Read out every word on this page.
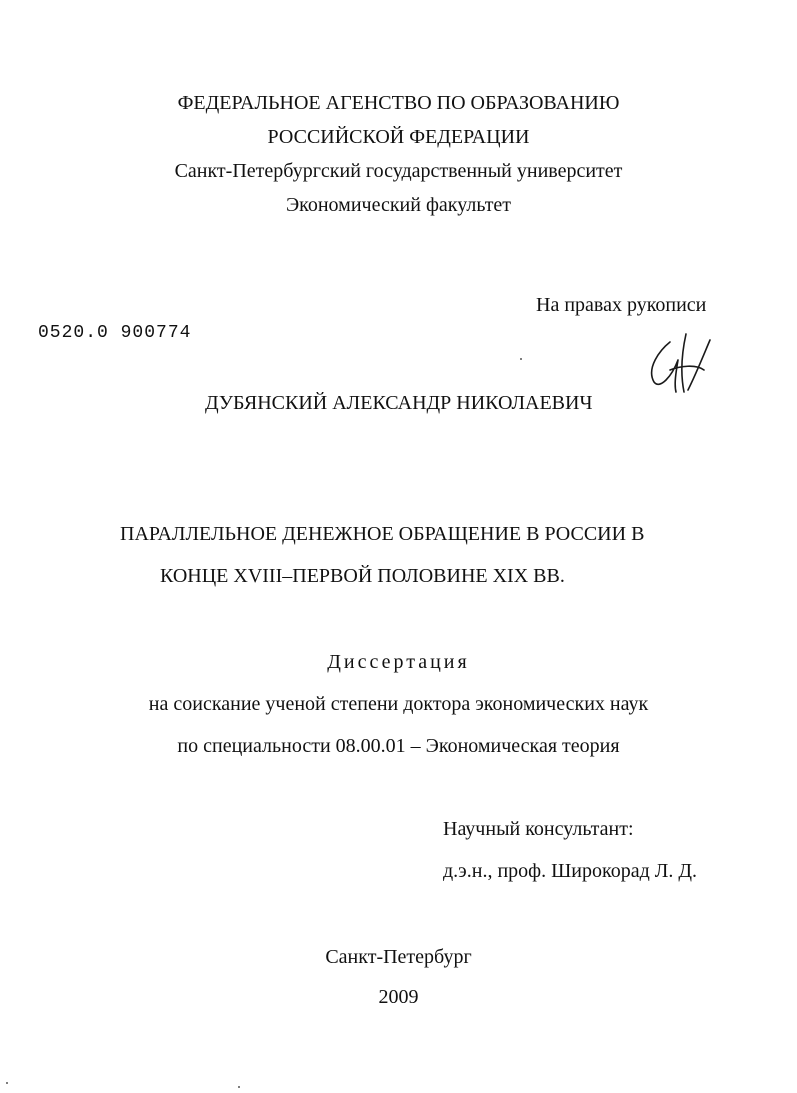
ФЕДЕРАЛЬНОЕ АГЕНСТВО ПО ОБРАЗОВАНИЮ
РОССИЙСКОЙ ФЕДЕРАЦИИ
Санкт-Петербургский государственный университет
Экономический факультет
На правах рукописи
0520.0 900774
ДУБЯНСКИЙ АЛЕКСАНДР НИКОЛАЕВИЧ
ПАРАЛЛЕЛЬНОЕ ДЕНЕЖНОЕ ОБРАЩЕНИЕ В РОССИИ В
КОНЦЕ XVIII–ПЕРВОЙ ПОЛОВИНЕ XIX ВВ.
Диссертация
на соискание ученой степени доктора экономических наук
по специальности 08.00.01 – Экономическая теория
Научный консультант:
д.э.н., проф. Широкорад Л. Д.
Санкт-Петербург
2009
